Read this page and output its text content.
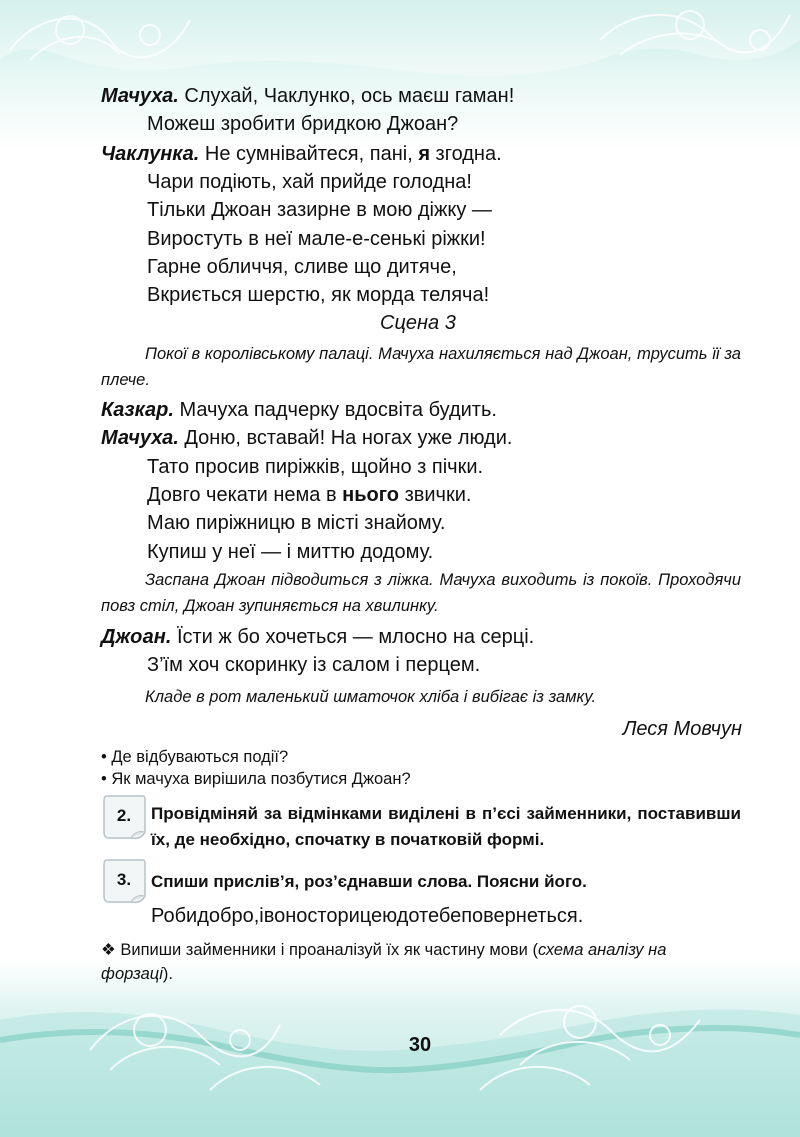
Мачуха. Слухай, Чаклунко, ось маєш гаман!
Можеш зробити бридкою Джоан?
Чаклунка. Не сумнівайтеся, пані, я згодна.
Чари подіють, хай прийде голодна!
Тільки Джоан зазирне в мою діжку —
Виростуть в неї мале-е-сенькі ріжки!
Гарне обличчя, сливе що дитяче,
Вкриється шерстю, як морда теляча!
Сцена 3
Покої в королівському палаці. Мачуха нахиляється над Джоан, трусить її за плече.
Казкар. Мачуха падчерку вдосвіта будить.
Мачуха. Доню, вставай! На ногах уже люди.
Тато просив пиріжків, щойно з пічки.
Довго чекати нема в нього звички.
Маю пиріжницю в місті знайому.
Купиш у неї — і миттю додому.
Заспана Джоан підводиться з ліжка. Мачуха виходить із покоїв. Проходячи повз стіл, Джоан зупиняється на хвилинку.
Джоан. Їсти ж бо хочеться — млосно на серці.
З’їм хоч скоринку із салом і перцем.
Кладе в рот маленький шматочок хліба і вибігає із замку.
Леся Мовчун
• Де відбуваються події?
• Як мачуха вирішила позбутися Джоан?
2.	Провідміняй за відмінками виділені в п’єсі займенники, поставивши їх, де необхідно, спочатку в початковій формі.
3.	Спиши прислів’я, роз’єднавши слова. Поясни його.
Робидобро,івоносторицеюдотебеповернеться.
❖ Випиши займенники і проаналізуй їх як частину мови (схема аналізу на форзаці).
30
